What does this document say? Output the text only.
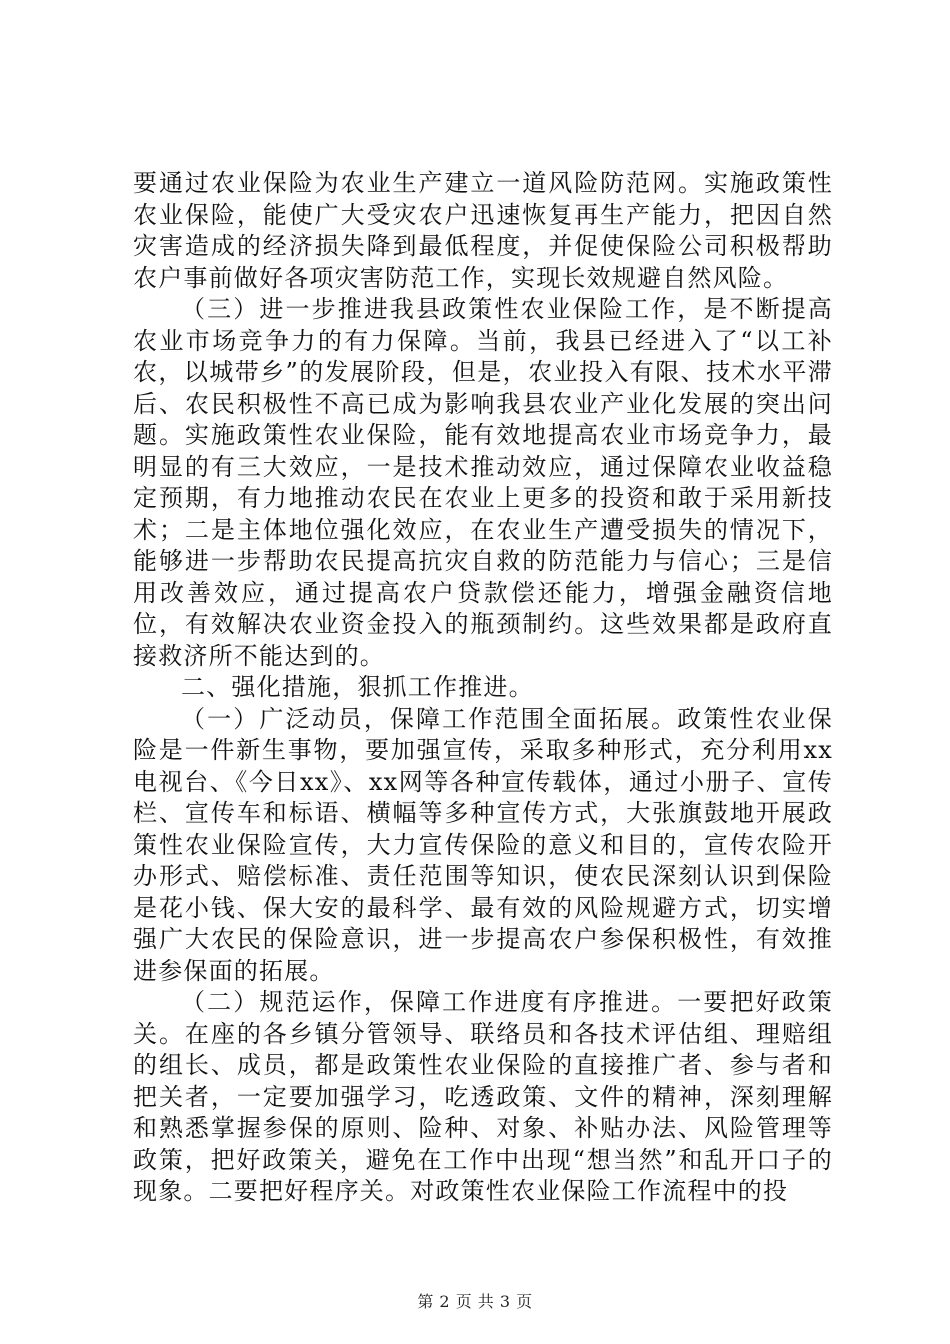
要通过农业保险为农业生产建立一道风险防范网。实施政策性农业保险，能使广大受灾农户迅速恢复再生产能力，把因自然灾害造成的经济损失降到最低程度，并促使保险公司积极帮助农户事前做好各项灾害防范工作，实现长效规避自然风险。

（三）进一步推进我县政策性农业保险工作，是不断提高农业市场竞争力的有力保障。当前，我县已经进入了“以工补农，以城带乡”的发展阶段，但是，农业投入有限、技术水平滞后、农民积极性不高已成为影响我县农业产业化发展的突出问题。实施政策性农业保险，能有效地提高农业市场竞争力，最明显的有三大效应，一是技术推动效应，通过保障农业收益稳定预期，有力地推动农民在农业上更多的投资和敢于采用新技术；二是主体地位强化效应，在农业生产遭受损失的情况下，能够进一步帮助农民提高抗灾自救的防范能力与信心；三是信用改善效应，通过提高农户贷款偿还能力，增强金融资信地位，有效解决农业资金投入的瓶颈制约。这些效果都是政府直接救济所不能达到的。

二、强化措施，狠抓工作推进。

（一）广泛动员，保障工作范围全面拓展。政策性农业保险是一件新生事物，要加强宣传，采取多种形式，充分利用xx电视台、《今日xx》、xx网等各种宣传载体，通过小册子、宣传栏、宣传车和标语、横幅等多种宣传方式，大张旗鼓地开展政策性农业保险宣传，大力宣传保险的意义和目的，宣传农险开办形式、赔偿标准、责任范围等知识，使农民深刻认识到保险是花小钱、保大安的最科学、最有效的风险规避方式，切实增强广大农民的保险意识，进一步提高农户参保积极性，有效推进参保面的拓展。

（二）规范运作，保障工作进度有序推进。一要把好政策关。在座的各乡镇分管领导、联络员和各技术评估组、理赔组的组长、成员，都是政策性农业保险的直接推广者、参与者和把关者，一定要加强学习，吃透政策、文件的精神，深刻理解和熟悉掌握参保的原则、险种、对象、补贴办法、风险管理等政策，把好政策关，避免在工作中出现“想当然”和乱开口子的现象。二要把好程序关。对政策性农业保险工作流程中的投

第 2 页 共 3 页
